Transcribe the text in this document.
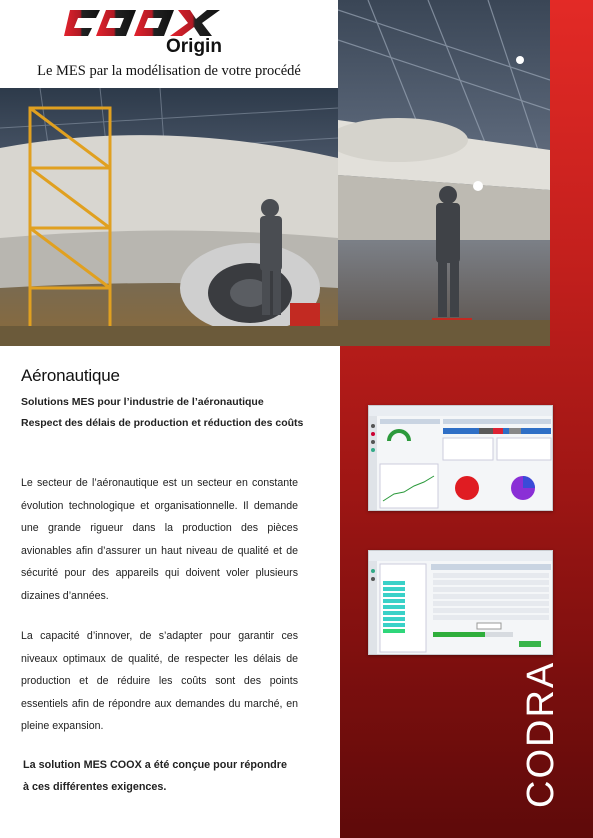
Origin
Le MES par la modélisation de votre procédé
Aéronautique
Solutions MES pour l’industrie de l’aéronautique
Respect des délais de production et réduction des coûts

Le secteur de l’aéronautique est un secteur en constante évolution technologique et organisationnelle. Il demande une grande rigueur dans la production des pièces avionables afin d’assurer un haut niveau de qualité et de sécurité pour des appareils qui doivent voler plusieurs dizaines d’années.

La capacité d’innover, de s’adapter pour garantir ces niveaux optimaux de qualité, de respecter les délais de production et de réduire les coûts sont des points essentiels afin de répondre aux demandes du marché, en pleine expansion.

La solution MES COOX a été conçue pour répondre à ces différentes exigences.	CODRA
